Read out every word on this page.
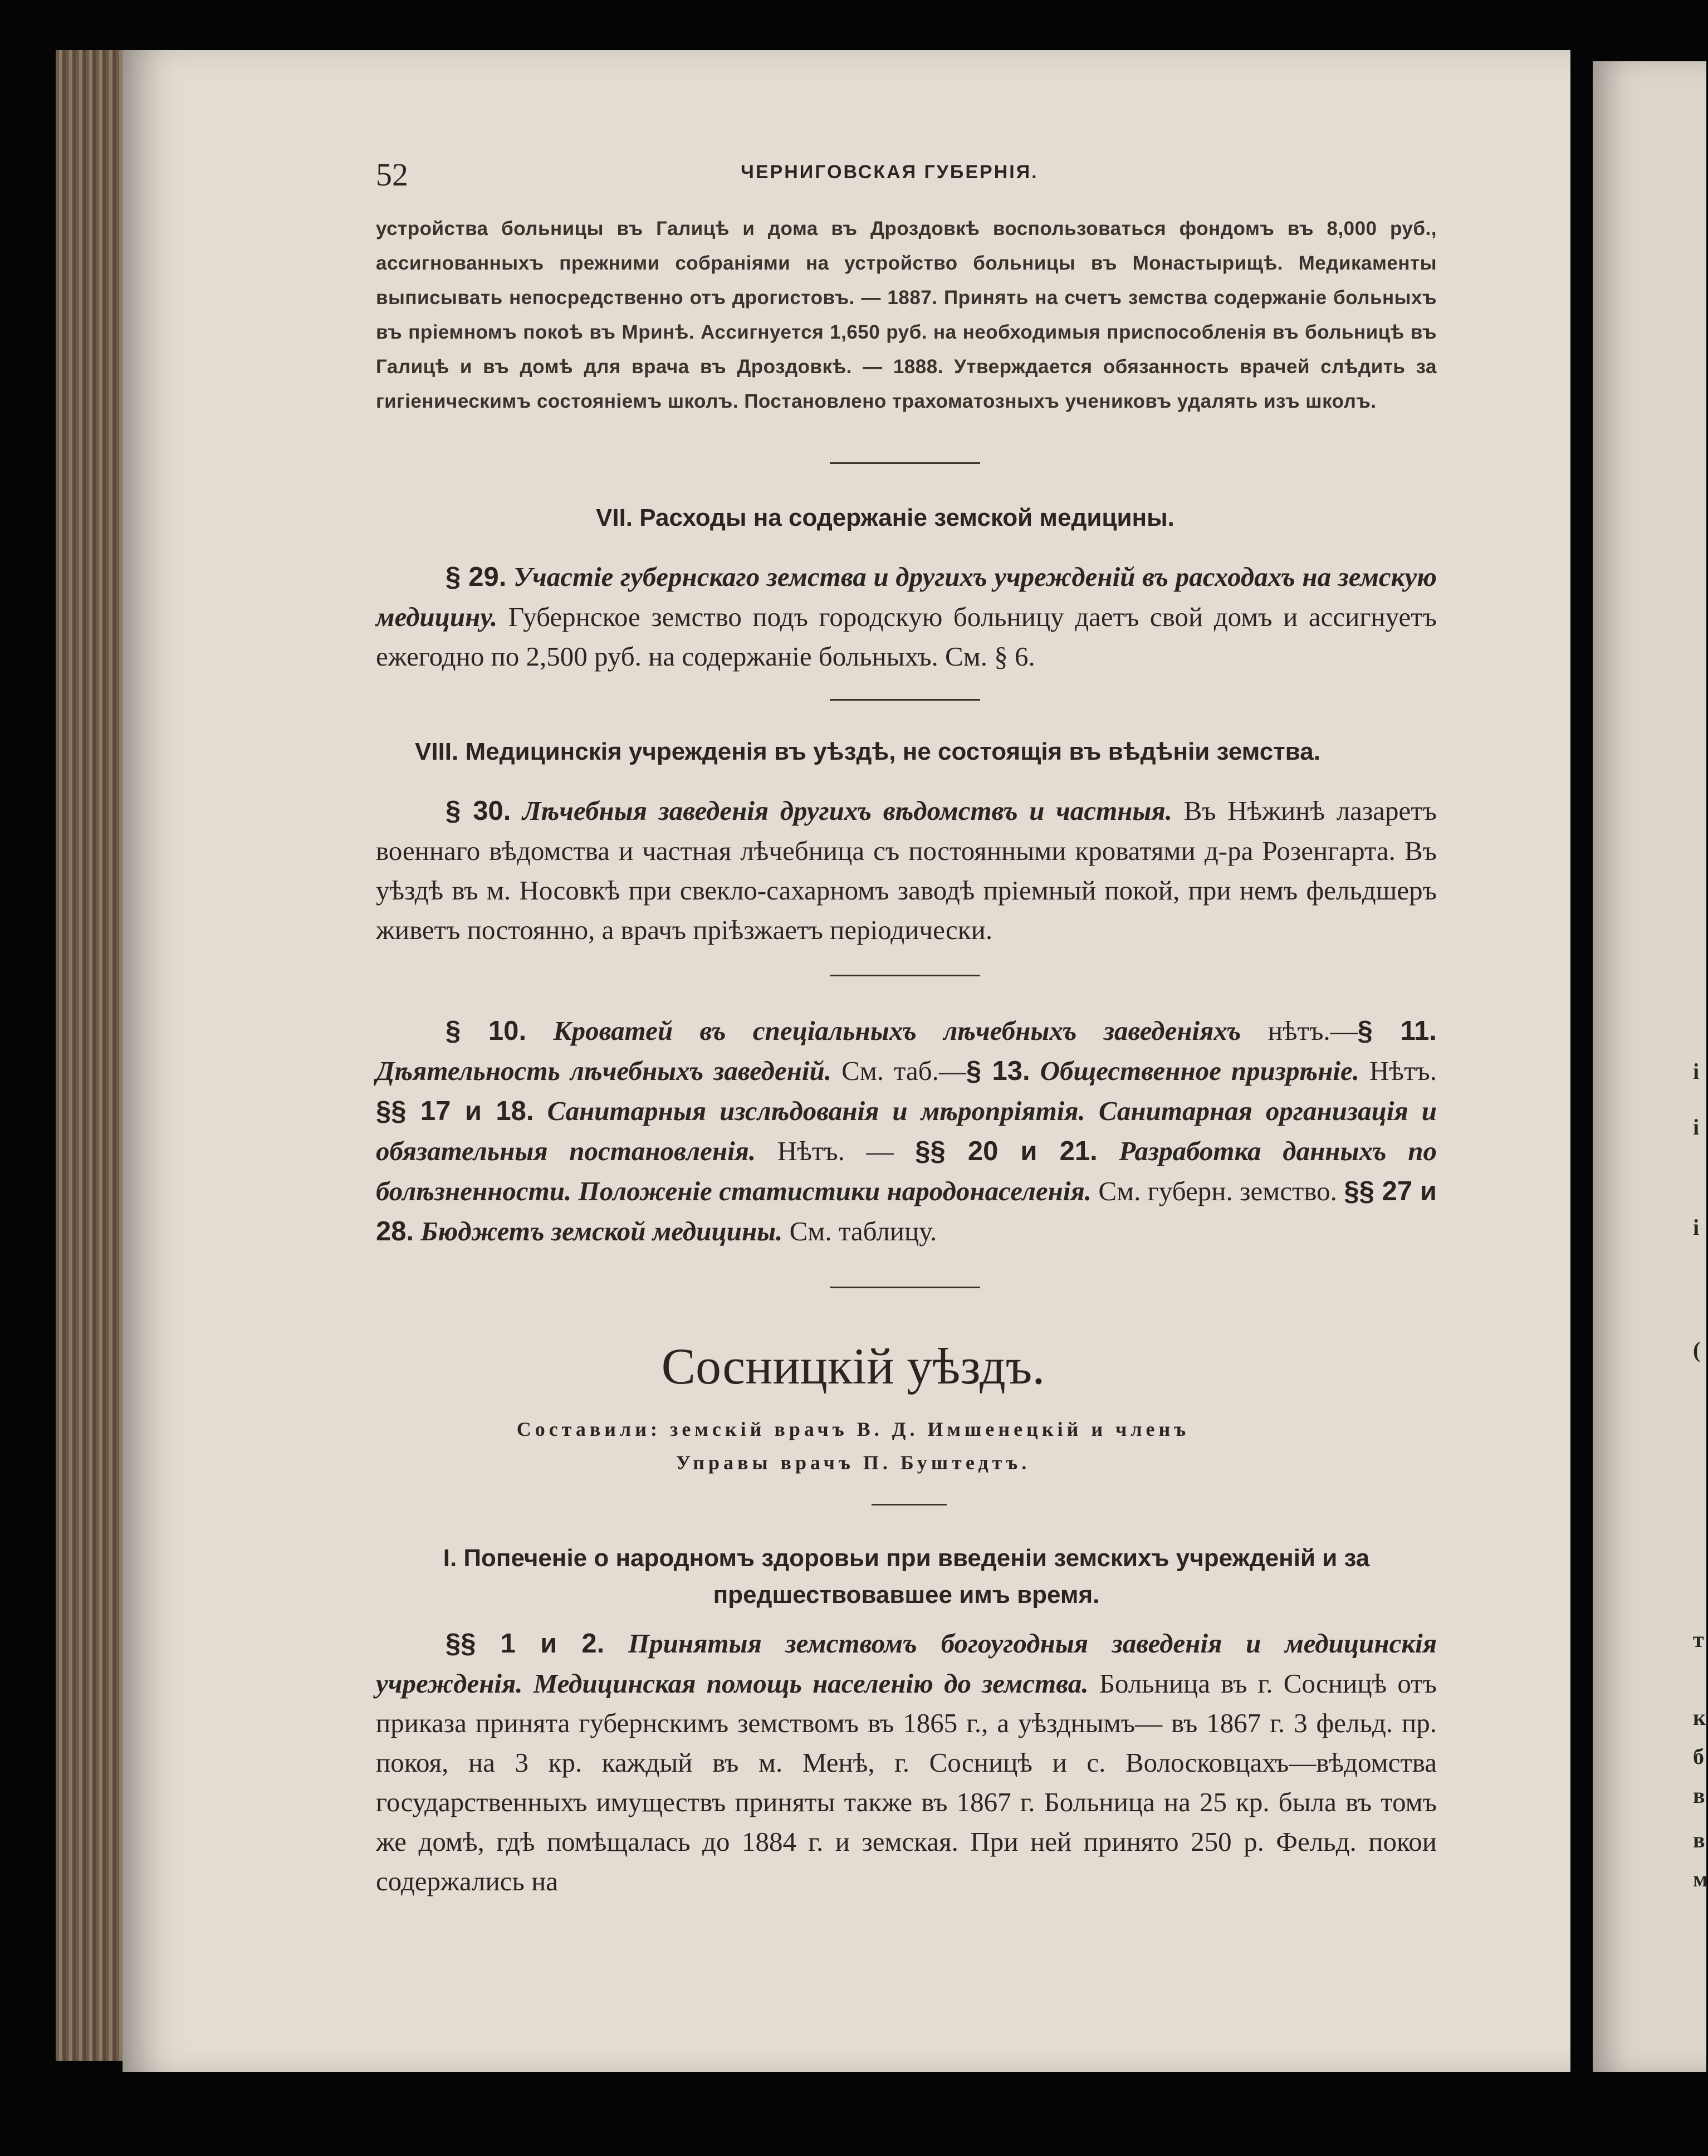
і
і
і
(
т
к
б
в
в
м
52	ЧЕРНИГОВСКАЯ ГУБЕРНІЯ.
устройства больницы въ Галицѣ и дома въ Дроздовкѣ воспользоваться фондомъ въ 8,000 руб., ассигнованныхъ прежними собраніями на устройство больницы въ Монастырищѣ. Медикаменты выписывать непосредственно отъ дрогистовъ. — 1887. Принять на счетъ земства содержаніе больныхъ въ пріемномъ покоѣ въ Мринѣ. Ассигнуется 1,650 руб. на необходимыя приспособленія въ больницѣ въ Галицѣ и въ домѣ для врача въ Дроздовкѣ. — 1888. Утверждается обязанность врачей слѣдить за гигіеническимъ состояніемъ школъ. Постановлено трахоматозныхъ учениковъ удалять изъ школъ.
VII. Расходы на содержаніе земской медицины.
§ 29. Участіе губернскаго земства и другихъ учрежденій въ расходахъ на земскую медицину. Губернское земство подъ городскую больницу даетъ свой домъ и ассигнуетъ ежегодно по 2,500 руб. на содержаніе больныхъ. См. § 6.
VIII. Медицинскія учрежденія въ уѣздѣ, не состоящія въ вѣдѣніи земства.
§ 30. Лѣчебныя заведенія другихъ вѣдомствъ и частныя. Въ Нѣжинѣ лазаретъ военнаго вѣдомства и частная лѣчебница съ постоянными кроватями д-ра Розенгарта. Въ уѣздѣ въ м. Носовкѣ при свекло-сахарномъ заводѣ пріемный покой, при немъ фельдшеръ живетъ постоянно, а врачъ пріѣзжаетъ періодически.
§ 10. Кроватей въ спеціальныхъ лѣчебныхъ заведеніяхъ нѣтъ.—§ 11. Дѣятельность лѣчебныхъ заведеній. См. таб.—§ 13. Общественное призрѣніе. Нѣтъ. §§ 17 и 18. Санитарныя изслѣдованія и мѣропріятія. Санитарная организація и обязательныя постановленія. Нѣтъ. — §§ 20 и 21. Разработка данныхъ по болѣзненности. Положеніе статистики народонаселенія. См. губерн. земство. §§ 27 и 28. Бюджетъ земской медицины. См. таблицу.
Сосницкій уѣздъ.
Составили: земскій врачъ В. Д. Имшенецкій и членъ
Управы врачъ П. Буштедтъ.
I. Попеченіе о народномъ здоровьи при введеніи земскихъ учрежденій и за предшествовавшее имъ время.
§§ 1 и 2. Принятыя земствомъ богоугодныя заведенія и медицинскія учрежденія. Медицинская помощь населенію до земства. Больница въ г. Сосницѣ отъ приказа принята губернскимъ земствомъ въ 1865 г., а уѣзднымъ— въ 1867 г. 3 фельд. пр. покоя, на 3 кр. каждый въ м. Менѣ, г. Сосницѣ и с. Волосковцахъ—вѣдомства государственныхъ имуществъ приняты также въ 1867 г. Больница на 25 кр. была въ томъ же домѣ, гдѣ помѣщалась до 1884 г. и земская. При ней принято 250 р. Фельд. покои содержались на
